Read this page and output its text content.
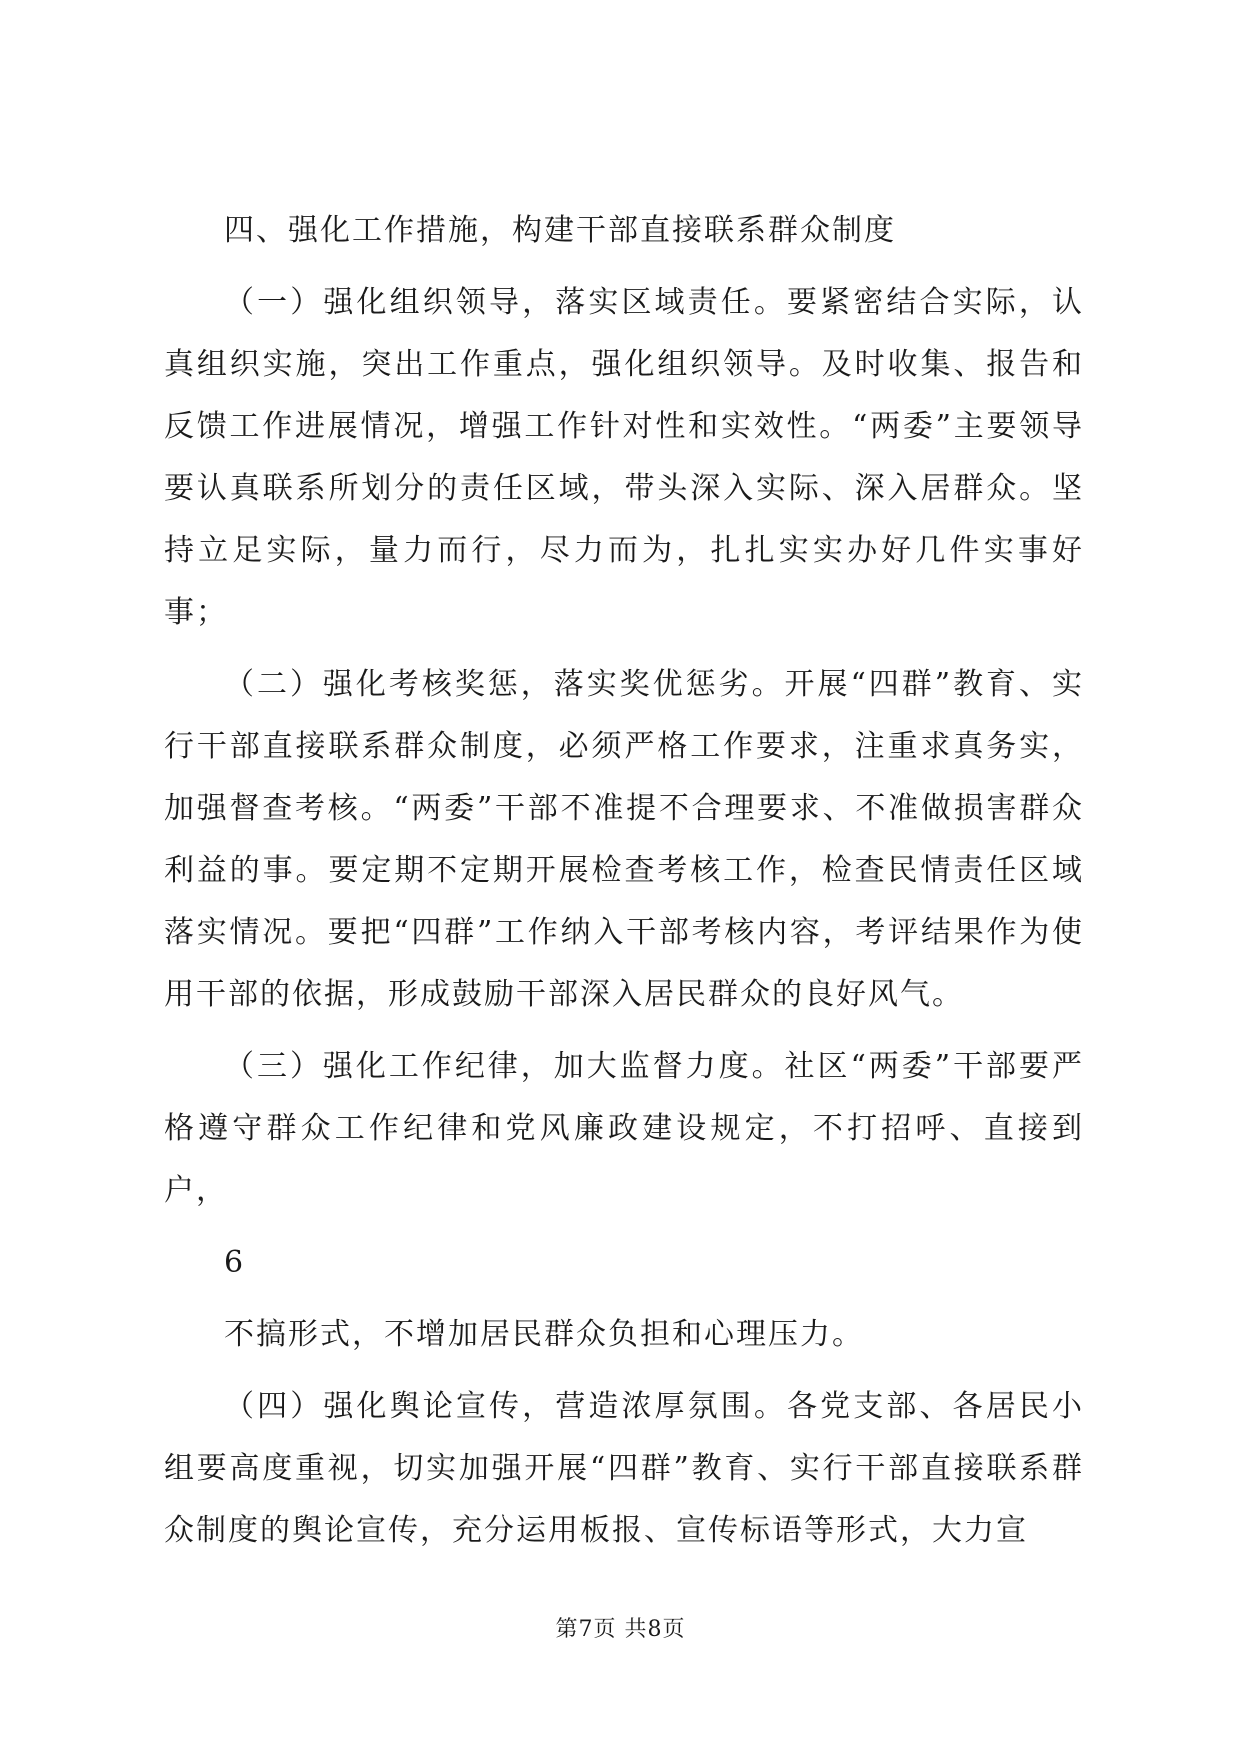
四、强化工作措施，构建干部直接联系群众制度

（一）强化组织领导，落实区域责任。要紧密结合实际，认真组织实施，突出工作重点，强化组织领导。及时收集、报告和反馈工作进展情况，增强工作针对性和实效性。“两委”主要领导要认真联系所划分的责任区域，带头深入实际、深入居群众。坚持立足实际，量力而行，尽力而为，扎扎实实办好几件实事好事；

（二）强化考核奖惩，落实奖优惩劣。开展“四群”教育、实行干部直接联系群众制度，必须严格工作要求，注重求真务实，加强督查考核。“两委”干部不准提不合理要求、不准做损害群众利益的事。要定期不定期开展检查考核工作，检查民情责任区域落实情况。要把“四群”工作纳入干部考核内容，考评结果作为使用干部的依据，形成鼓励干部深入居民群众的良好风气。

（三）强化工作纪律，加大监督力度。社区“两委”干部要严格遵守群众工作纪律和党风廉政建设规定，不打招呼、直接到户，

6

不搞形式，不增加居民群众负担和心理压力。

（四）强化舆论宣传，营造浓厚氛围。各党支部、各居民小组要高度重视，切实加强开展“四群”教育、实行干部直接联系群众制度的舆论宣传，充分运用板报、宣传标语等形式，大力宣

第7页 共8页
